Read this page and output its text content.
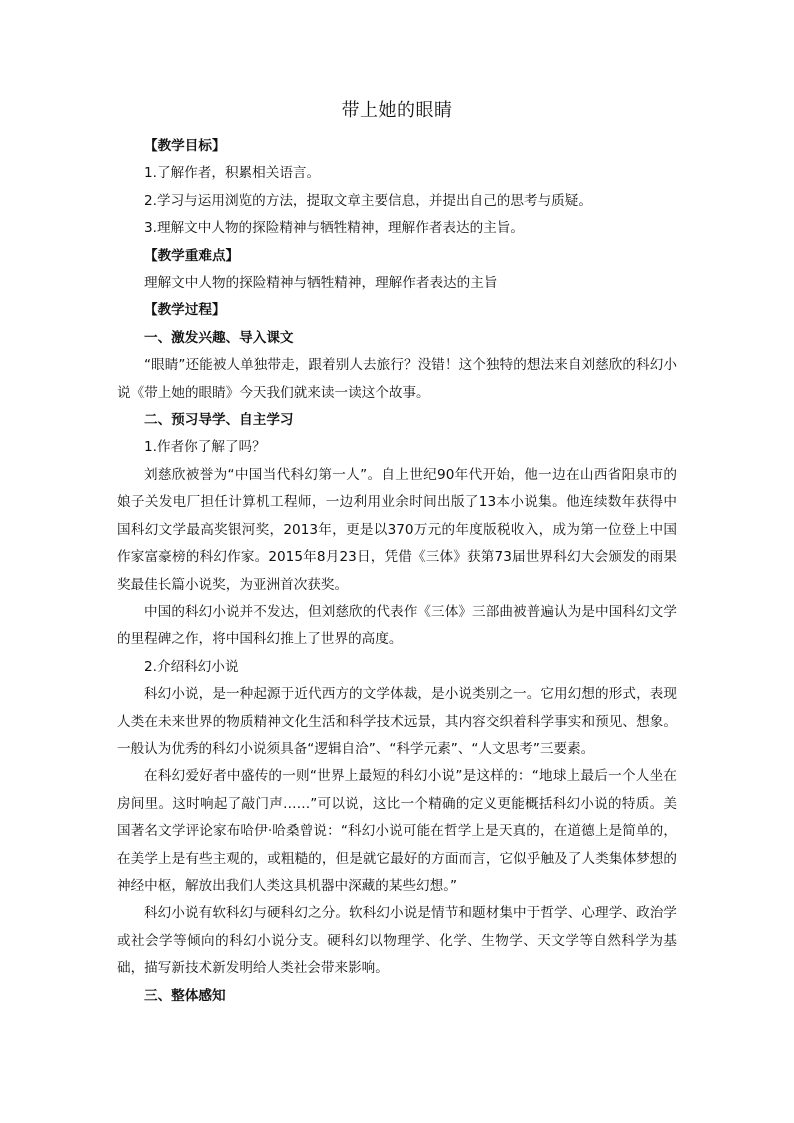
带上她的眼睛

【教学目标】

1.了解作者，积累相关语言。

2.学习与运用浏览的方法，提取文章主要信息，并提出自己的思考与质疑。

3.理解文中人物的探险精神与牺牲精神，理解作者表达的主旨。

【教学重难点】

理解文中人物的探险精神与牺牲精神，理解作者表达的主旨

【教学过程】

一、激发兴趣、导入课文

“眼睛”还能被人单独带走，跟着别人去旅行？没错！这个独特的想法来自刘慈欣的科幻小说《带上她的眼睛》今天我们就来读一读这个故事。

二、预习导学、自主学习

1.作者你了解了吗？

刘慈欣被誉为“中国当代科幻第一人”。自上世纪90年代开始，他一边在山西省阳泉市的娘子关发电厂担任计算机工程师，一边利用业余时间出版了13本小说集。他连续数年获得中国科幻文学最高奖银河奖，2013年，更是以370万元的年度版税收入，成为第一位登上中国作家富豪榜的科幻作家。2015年8月23日，凭借《三体》获第73届世界科幻大会颁发的雨果奖最佳长篇小说奖，为亚洲首次获奖。

中国的科幻小说并不发达，但刘慈欣的代表作《三体》三部曲被普遍认为是中国科幻文学的里程碑之作，将中国科幻推上了世界的高度。

2.介绍科幻小说

科幻小说，是一种起源于近代西方的文学体裁，是小说类别之一。它用幻想的形式，表现人类在未来世界的物质精神文化生活和科学技术远景，其内容交织着科学事实和预见、想象。一般认为优秀的科幻小说须具备“逻辑自洽”、“科学元素”、“人文思考”三要素。

在科幻爱好者中盛传的一则“世界上最短的科幻小说”是这样的：“地球上最后一个人坐在房间里。这时响起了敲门声……”可以说，这比一个精确的定义更能概括科幻小说的特质。美国著名文学评论家布哈伊·哈桑曾说：“科幻小说可能在哲学上是天真的，在道德上是简单的，在美学上是有些主观的，或粗糙的，但是就它最好的方面而言，它似乎触及了人类集体梦想的神经中枢，解放出我们人类这具机器中深藏的某些幻想。”

科幻小说有软科幻与硬科幻之分。软科幻小说是情节和题材集中于哲学、心理学、政治学或社会学等倾向的科幻小说分支。硬科幻以物理学、化学、生物学、天文学等自然科学为基础，描写新技术新发明给人类社会带来影响。

三、整体感知
